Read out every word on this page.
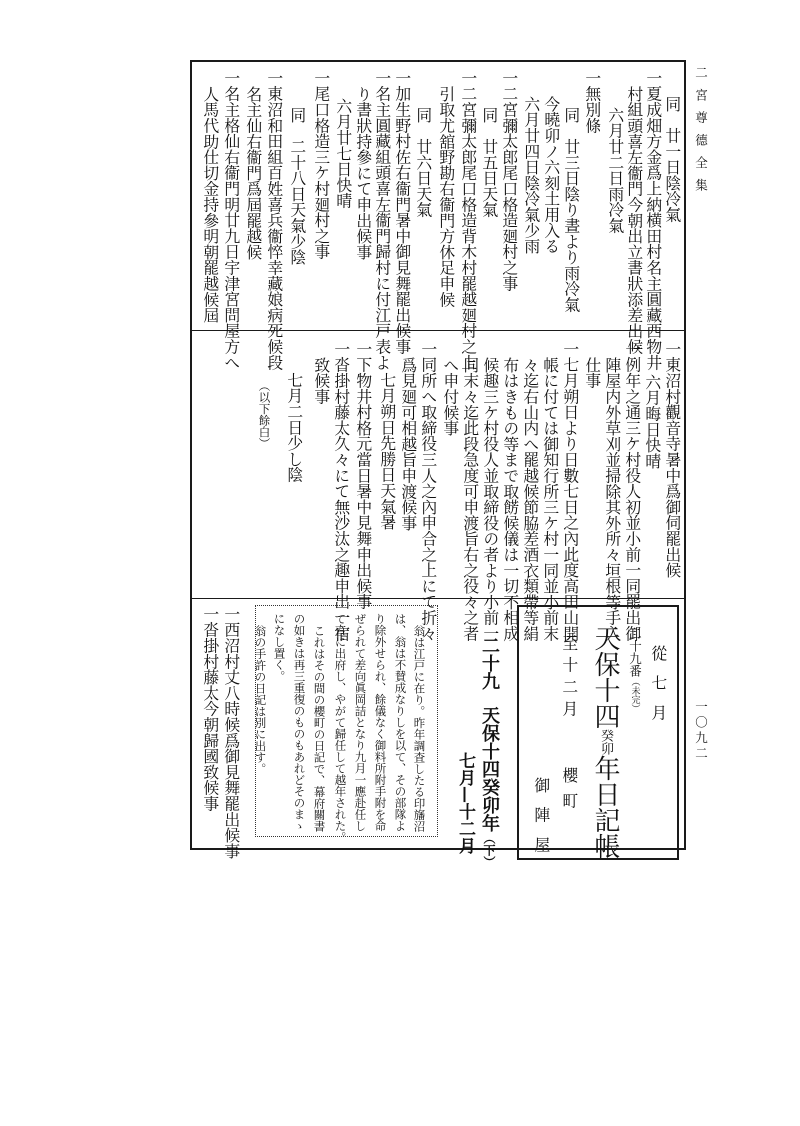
二宮尊德全集
一〇九二
同　廿一日陰冷氣
一夏成畑方金爲上納横田村名主圓藏西物井
村組頭喜左衞門今朝出立書狀添差出候
六月廿二日雨冷氣
一無別條
同　廿三日陰り晝より雨冷氣
今曉卯ノ六刻土用入る
六月廿四日陰冷氣少雨
一二宮彌太郎尾口格造廻村之事
同　廿五日天氣
一二宮彌太郎尾口格造背木村罷越廻村之上
引取尤舘野勘右衞門方休足申候
同　廿六日天氣
一加生野村佐右衞門暑中御見舞罷出候事
一名主圓藏組頭喜左衞門歸村に付江戸表よ
り書狀持參にて申出候事
六月廿七日快晴
一尾口格造三ケ村廻村之事
同　二十八日天氣少陰
一東沼和田組百姓喜兵衞悴幸藏娘病死候段
名主仙右衞門爲屆罷越候
一名主格仙右衞門明廿九日宇津宮問屋方へ
人馬代助仕切金持參明朝罷越候屆
一東沼村觀音寺暑中爲御伺罷出候
六月晦日快晴
一例年之通三ケ村役人初並小前一同罷出御
陣屋内外草刈並掃除其外所々垣根等手入
仕事
一七月朔日より日數七日之內此度高田山開
帳に付ては御知行所三ケ村一同並小前末
々迄右山内へ罷越候節脇差酒衣類帶等絹
布はきもの等まで取餝候儀は一切不相成
候趣三ケ村役人並取締役の者より小前一
同末々迄此段急度可申渡旨右之役々之者
へ申付候事
一同所へ取締役三人之內申合之上にて折々
爲見廻可相越旨申渡候事
七月朔日先勝日天氣暑
一下物井村格元當日暑中見舞申出候事
一沓掛村藤太久々にて無沙汰之趣申出一宿
致候事
七月二日少し陰
（以下餘白）
從七月
二十九番（未完）
天保十四癸卯年日記帳
至十二月
櫻町
御陣屋
二十九天保十四癸卯年（下）
七月—十二月
翁は江戸に在り。昨年調査したる印旛沼
は、翁は不賛成なりしを以て、その部隊よ
り除外せられ、餘儀なく御料所附手附を命
ぜられて差向眞岡詰となり九月一應赴任し
て直に出府し、やがて歸任して越年された。
これはその間の櫻町の日記で、幕府關書
の如きは再三重復のものもあれどそのまゝ
になし置く。
翁の手許の日記は別に出す。
一西沼村丈八時候爲御見舞罷出候事
一沓掛村藤太今朝歸國致候事
